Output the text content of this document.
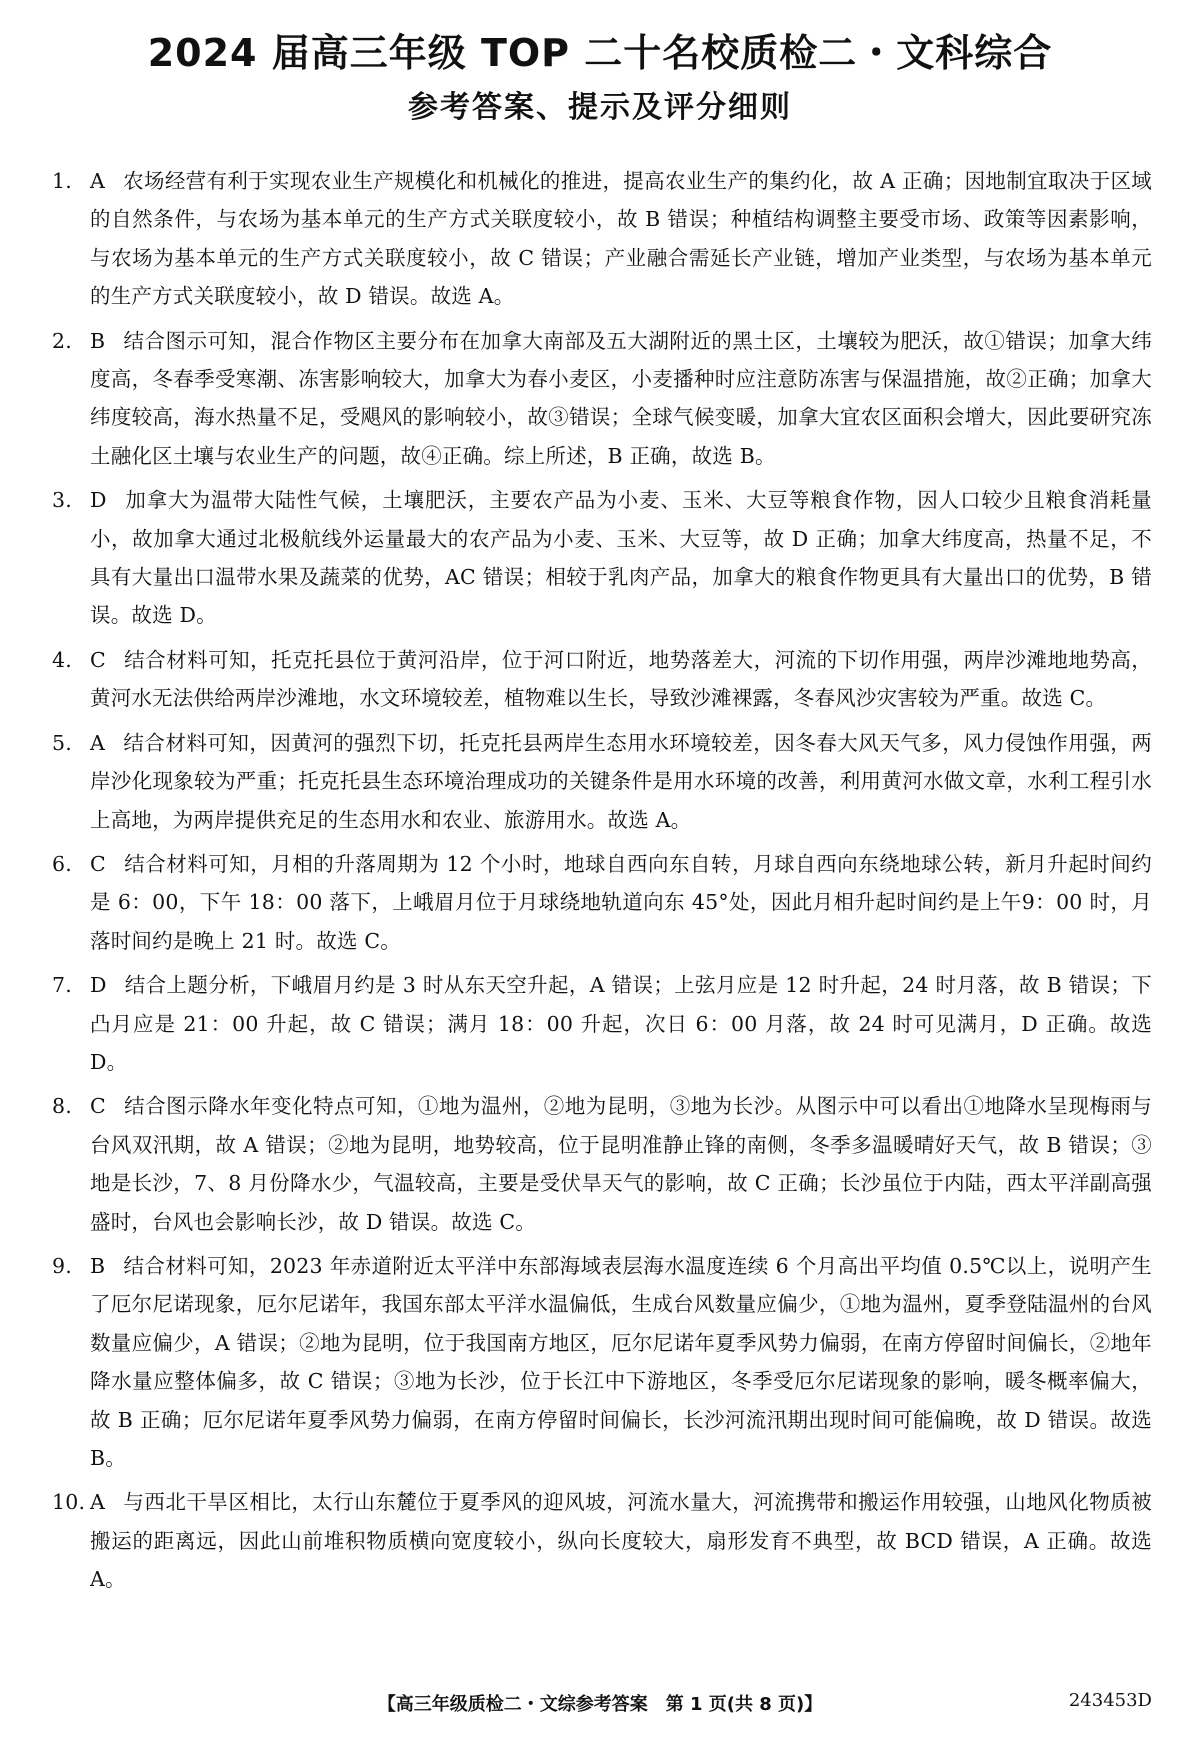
2024 届高三年级 TOP 二十名校质检二・文科综合
参考答案、提示及评分细则
1. A 农场经营有利于实现农业生产规模化和机械化的推进，提高农业生产的集约化，故 A 正确；因地制宜取决于区域的自然条件，与农场为基本单元的生产方式关联度较小，故 B 错误；种植结构调整主要受市场、政策等因素影响，与农场为基本单元的生产方式关联度较小，故 C 错误；产业融合需延长产业链，增加产业类型，与农场为基本单元的生产方式关联度较小，故 D 错误。故选 A。
2. B 结合图示可知，混合作物区主要分布在加拿大南部及五大湖附近的黑土区，土壤较为肥沃，故①错误；加拿大纬度高，冬春季受寒潮、冻害影响较大，加拿大为春小麦区，小麦播种时应注意防冻害与保温措施，故②正确；加拿大纬度较高，海水热量不足，受飓风的影响较小，故③错误；全球气候变暖，加拿大宜农区面积会增大，因此要研究冻土融化区土壤与农业生产的问题，故④正确。综上所述，B 正确，故选 B。
3. D 加拿大为温带大陆性气候，土壤肥沃，主要农产品为小麦、玉米、大豆等粮食作物，因人口较少且粮食消耗量小，故加拿大通过北极航线外运量最大的农产品为小麦、玉米、大豆等，故 D 正确；加拿大纬度高，热量不足，不具有大量出口温带水果及蔬菜的优势，AC 错误；相较于乳肉产品，加拿大的粮食作物更具有大量出口的优势，B 错误。故选 D。
4. C 结合材料可知，托克托县位于黄河沿岸，位于河口附近，地势落差大，河流的下切作用强，两岸沙滩地地势高，黄河水无法供给两岸沙滩地，水文环境较差，植物难以生长，导致沙滩裸露，冬春风沙灾害较为严重。故选 C。
5. A 结合材料可知，因黄河的强烈下切，托克托县两岸生态用水环境较差，因冬春大风天气多，风力侵蚀作用强，两岸沙化现象较为严重；托克托县生态环境治理成功的关键条件是用水环境的改善，利用黄河水做文章，水利工程引水上高地，为两岸提供充足的生态用水和农业、旅游用水。故选 A。
6. C 结合材料可知，月相的升落周期为 12 个小时，地球自西向东自转，月球自西向东绕地球公转，新月升起时间约是 6：00，下午 18：00 落下，上峨眉月位于月球绕地轨道向东 45°处，因此月相升起时间约是上午9：00 时，月落时间约是晚上 21 时。故选 C。
7. D 结合上题分析，下峨眉月约是 3 时从东天空升起，A 错误；上弦月应是 12 时升起，24 时月落，故 B 错误；下凸月应是 21：00 升起，故 C 错误；满月 18：00 升起，次日 6：00 月落，故 24 时可见满月，D 正确。故选 D。
8. C 结合图示降水年变化特点可知，①地为温州，②地为昆明，③地为长沙。从图示中可以看出①地降水呈现梅雨与台风双汛期，故 A 错误；②地为昆明，地势较高，位于昆明准静止锋的南侧，冬季多温暖晴好天气，故 B 错误；③地是长沙，7、8 月份降水少，气温较高，主要是受伏旱天气的影响，故 C 正确；长沙虽位于内陆，西太平洋副高强盛时，台风也会影响长沙，故 D 错误。故选 C。
9. B 结合材料可知，2023 年赤道附近太平洋中东部海域表层海水温度连续 6 个月高出平均值 0.5℃以上，说明产生了厄尔尼诺现象，厄尔尼诺年，我国东部太平洋水温偏低，生成台风数量应偏少，①地为温州，夏季登陆温州的台风数量应偏少，A 错误；②地为昆明，位于我国南方地区，厄尔尼诺年夏季风势力偏弱，在南方停留时间偏长，②地年降水量应整体偏多，故 C 错误；③地为长沙，位于长江中下游地区，冬季受厄尔尼诺现象的影响，暖冬概率偏大，故 B 正确；厄尔尼诺年夏季风势力偏弱，在南方停留时间偏长，长沙河流汛期出现时间可能偏晚，故 D 错误。故选 B。
10. A 与西北干旱区相比，太行山东麓位于夏季风的迎风坡，河流水量大，河流携带和搬运作用较强，山地风化物质被搬运的距离远，因此山前堆积物质横向宽度较小，纵向长度较大，扇形发育不典型，故 BCD 错误，A 正确。故选 A。
【高三年级质检二・文综参考答案　第 1 页(共 8 页)】	243453D
